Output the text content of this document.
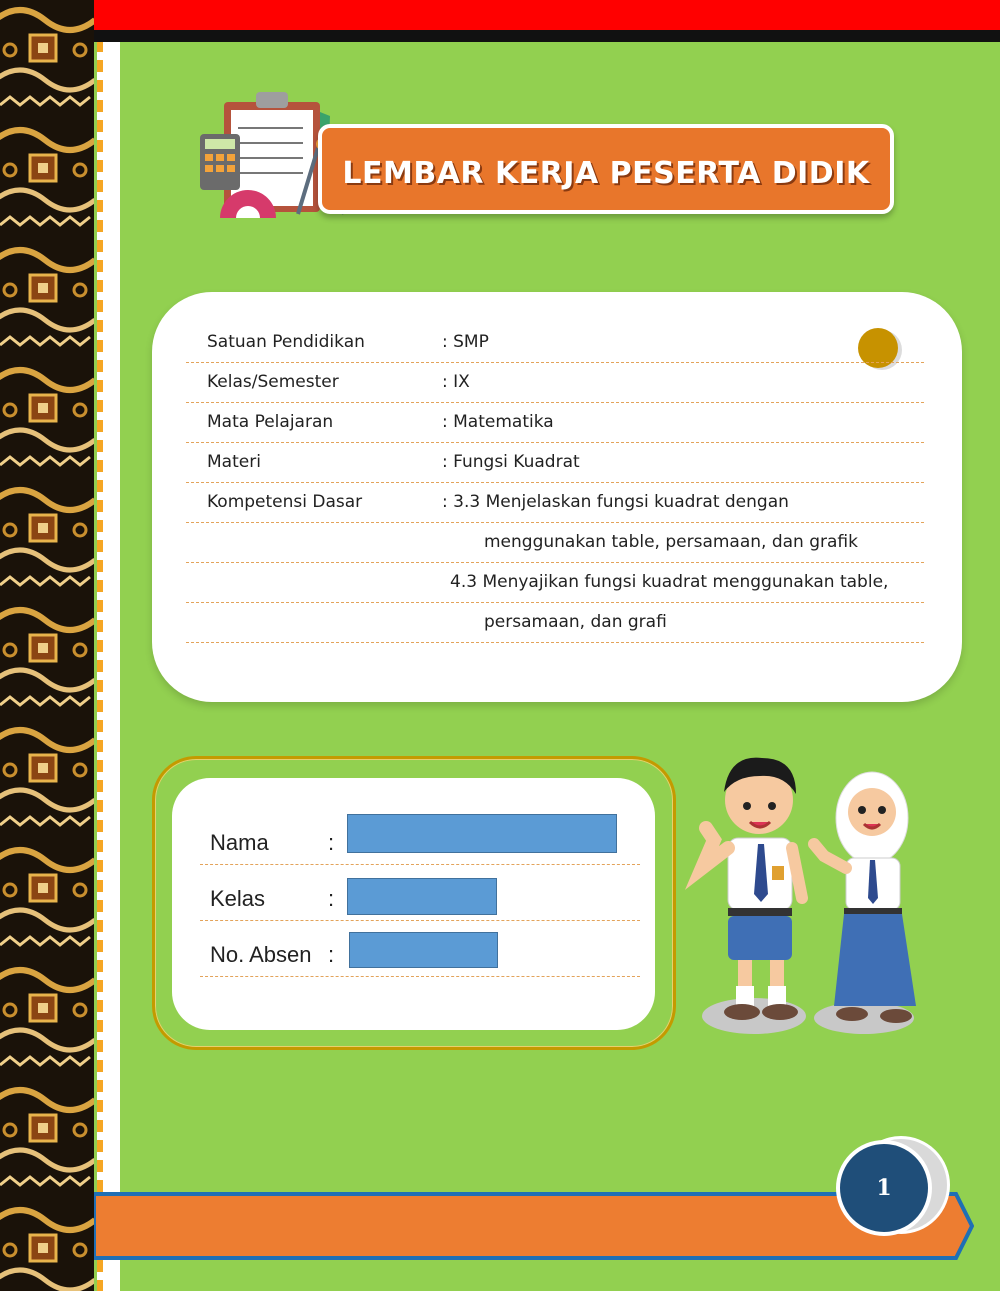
LEMBAR KERJA PESERTA DIDIK
Satuan Pendidikan	: SMP
Kelas/Semester	: IX
Mata Pelajaran	: Matematika
Materi	: Fungsi Kuadrat
Kompetensi Dasar	: 3.3 Menjelaskan fungsi kuadrat dengan
menggunakan table, persamaan, dan grafik
4.3 Menyajikan fungsi kuadrat menggunakan table,
persamaan, dan grafi
Nama	:
Kelas	:
No. Absen :
1
